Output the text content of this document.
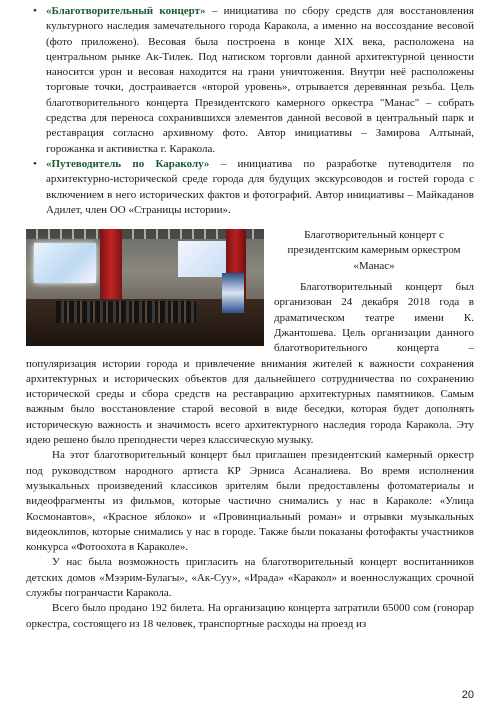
• «Благотворительный концерт» – инициатива по сбору средств для восстановления культурного наследия замечательного города Каракола, а именно на воссоздание весовой (фото приложено). Весовая была построена в конце XIX века, расположена на центральном рынке Ак-Тилек. Под натиском торговли данной архитектурной ценности наносится урон и весовая находится на грани уничтожения. Внутри неё расположены торговые точки, достраивается «второй уровень», отрывается деревянная резьба. Цель благотворительного концерта Президентского камерного оркестра "Манас" – собрать средства для переноса сохранившихся элементов данной весовой в центральный парк и реставрация согласно архивному фото. Автор инициативы – Замирова Алтынай, горожанка и активистка г. Каракола.
• «Путеводитель по Караколу» – инициатива по разработке путеводителя по архитектурно-исторической среде города для будущих экскурсоводов и гостей города с включением в него исторических фактов и фотографий. Автор инициативы – Майкаданов Адилет, член ОО «Страницы истории».
Благотворительный концерт с
президентским камерным оркестром
«Манас»

Благотворительный концерт был организован 24 декабря 2018 года в драматическом театре имени К. Джантошева. Цель организации данного благотворительного концерта – популяризация истории города и привлечение внимания жителей к важности сохранения архитектурных и исторических объектов для дальнейшего сотрудничества по сохранению исторической среды и сбора средств на реставрацию архитектурных памятников. Самым важным было восстановление старой весовой в виде беседки, которая будет дополнять историческую важность и значимость всего архитектурного наследия города Каракола. Эту идею решено было преподнести через классическую музыку.

На этот благотворительный концерт был приглашен президентский камерный оркестр под руководством народного артиста КР Эрниса Асаналиева. Во время исполнения музыкальных произведений классиков зрителям были предоставлены фотоматериалы и видеофрагменты из фильмов, которые частично снимались у нас в Караколе: «Улица Космонавтов», «Красное яблоко» и «Провинциальный роман» и отрывки музыкальных видеоклипов, которые снимались у нас в городе. Также были показаны фотофакты участников конкурса «Фотоохота в Караколе».

У нас была возможность пригласить на благотворительный концерт воспитанников детских домов «Мээрим-Булагы», «Ак-Суу», «Ирада» «Каракол» и военнослужащих срочной службы погранчасти Каракола.

Всего было продано 192 билета. На организацию концерта затратили 65000 сом (гонорар оркестра, состоящего из 18 человек, транспортные расходы на проезд из

20
